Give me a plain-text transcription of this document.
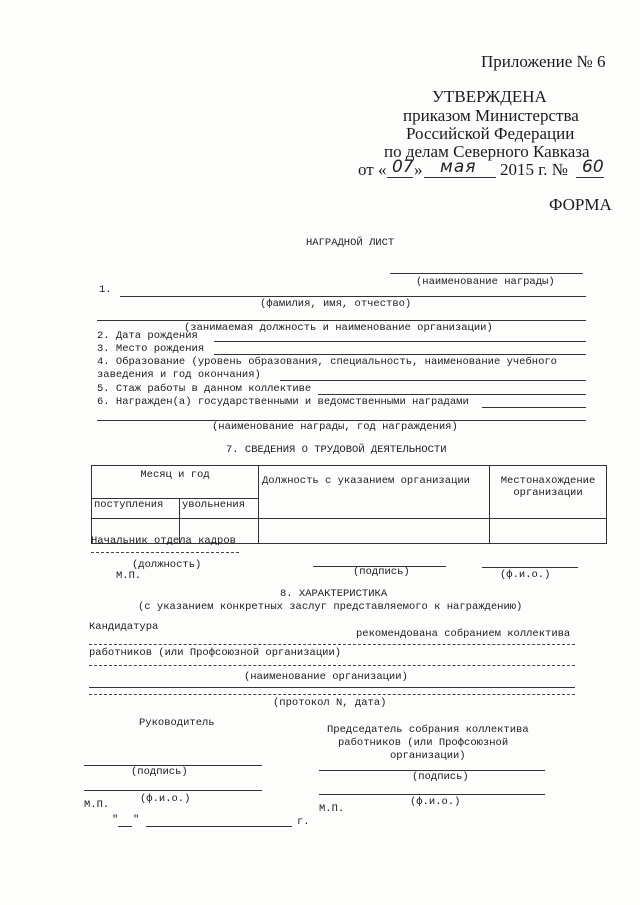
Приложение № 6
УТВЕРЖДЕНА
приказом Министерства
Российской Федерации
по делам Северного Кавказа
от « 07 » мая 2015 г. № 60
ФОРМА
НАГРАДНОЙ ЛИСТ
(наименование награды)
1.
(фамилия, имя, отчество)
(занимаемая должность и наименование организации)
2. Дата рождения
3. Место рождения
4. Образование (уровень образования, специальность, наименование учебного
заведения и год окончания)
5. Стаж работы в данном коллективе
6. Награжден(а) государственными и ведомственными наградами
(наименование награды, год награждения)
7. СВЕДЕНИЯ О ТРУДОВОЙ ДЕЯТЕЛЬНОСТИ
Месяц и год		Должность с указанием организации	Местонахождение
организации

поступления	увольнения		

Начальник отдела кадров
(должность)
М.П.	(подпись)	(ф.и.о.)
8. ХАРАКТЕРИСТИКА
(с указанием конкретных заслуг представляемого к награждению)
Кандидатура
рекомендована собранием коллектива
работников (или Профсоюзной организации)
(наименование организации)
(протокол N, дата)
Руководитель
Председатель собрания коллектива
работников (или Профсоюзной
организации)
(подпись)	(подпись)
(ф.и.о.)	(ф.и.о.)
М.П.	М.П.
" "	г.
